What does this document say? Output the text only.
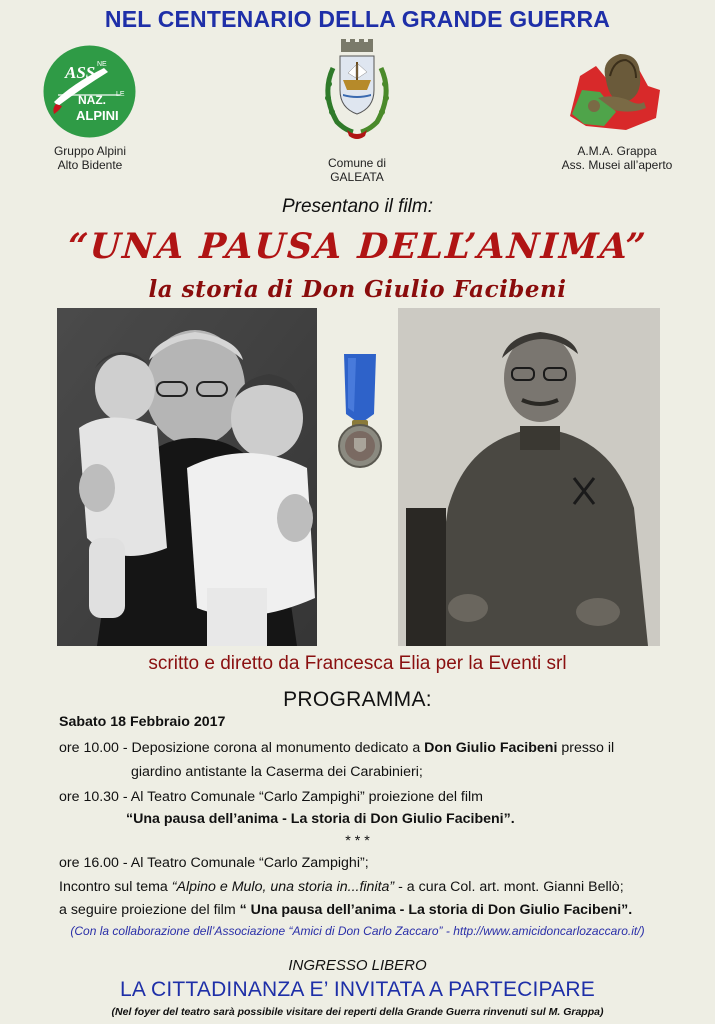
NEL CENTENARIO DELLA GRANDE GUERRA
ASS.
NE
NAZ. LE
ALPINI
Gruppo Alpini
Alto Bidente	Comune di
GALEATA
A.M.A. Grappa
Ass. Musei all’aperto
Presentano il film:
“UNA PAUSA DELL’ANIMA”
la storia di Don Giulio Facibeni
scritto e diretto da Francesca Elia per la Eventi srl
PROGRAMMA:
Sabato 18 Febbraio 2017
ore 10.00 - Deposizione corona al monumento dedicato a Don Giulio Facibeni presso il
giardino antistante la Caserma dei Carabinieri;
ore 10.30 - Al Teatro Comunale “Carlo Zampighi” proiezione del film
“Una pausa dell’anima - La storia di Don Giulio Facibeni”.
* * *
ore 16.00 - Al Teatro Comunale “Carlo Zampighi”;
Incontro sul tema “Alpino e Mulo, una storia in...finita” - a cura Col. art. mont. Gianni Bellò;
a seguire proiezione del film “ Una pausa dell’anima - La storia di Don Giulio Facibeni”.
(Con la collaborazione dell’Associazione “Amici di Don Carlo Zaccaro” - http://www.amicidoncarlozaccaro.it/)
INGRESSO LIBERO
LA CITTADINANZA E’ INVITATA A PARTECIPARE
(Nel foyer del teatro sarà possibile visitare dei reperti della Grande Guerra rinvenuti sul M. Grappa)
